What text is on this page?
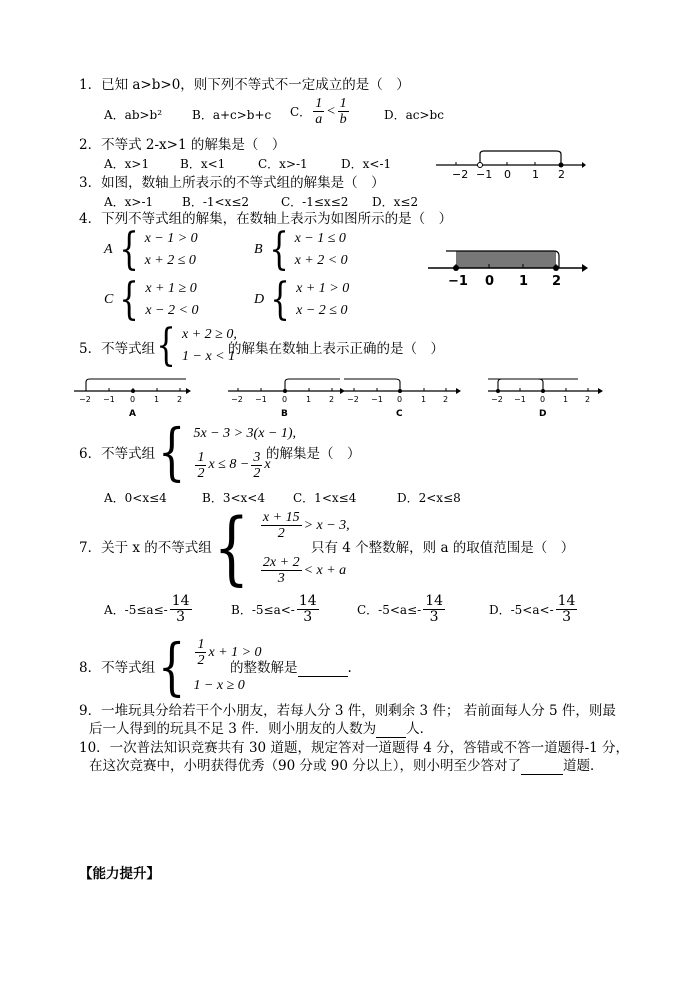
1．已知 a>b>0，则下列不等式不一定成立的是（　）
A．ab>b² B．a+c>b+c C． $\frac{1}{a} < \frac{1}{b}$	D．ac>bc
2．不等式 2-x>1 的解集是（　）
A．x>1	B．x<1	C．x>-1	D．x<-1
−2 −1 0 1 2
3．如图，数轴上所表示的不等式组的解集是（　）
A．x>-1 B．-1<x≤2	C．-1≤x≤2 D．x≤2
4．下列不等式组的解集，在数轴上表示为如图所示的是（　）
A { x − 1 > 0
x + 2 ≤ 0
B { x − 1 ≤ 0
x + 2 < 0
C { x + 1 ≥ 0
x − 2 < 0
D { x + 1 > 0
x − 2 ≤ 0
−1 0 1 2
5．不等式组 { x + 2 ≥ 0,
1 − x < 1
的解集在数轴上表示正确的是（　）
−2 −1 0 1 2
A
−2 −1 0 1 2
B
−2 −1 0 1 2
C
−2 −1 0 1 2
D
6．不等式组 { 5x − 3 > 3(x − 1),
$\frac{1}{2}$ $x \le 8 - \frac{3}{2}$ x
的解集是（　）
A．0<x≤4	B．3<x<4 C．1<x≤4	D．2<x≤8
7．关于 x 的不等式组 { $\frac{x + 15}{2} > x - 3$,
$\frac{2x + 2}{3} < x + a$
只有 4 个整数解，则 a 的取值范围是（　）
A．$-5\le a\le- \frac{14}{3}$	B．$-5\le a<- \frac{14}{3}$	C．$-5<a\le- \frac{14}{3}$	D．$-5<a<- \frac{14}{3}$
8．不等式组 { $\frac{1}{2}$ x + 1 > 0
1 − x ≥ 0
的整数解是	.
9．一堆玩具分给若干个小朋友，若每人分 3 件，则剩余 3 件； 若前面每人分 5 件，则最
后一人得到的玩具不足 3 件．则小朋友的人数为 人．
10．一次普法知识竞赛共有 30 道题，规定答对一道题得 4 分，答错或不答一道题得-1 分，
在这次竞赛中，小明获得优秀（90 分或 90 分以上），则小明至少答对了	道题．
【能力提升】
